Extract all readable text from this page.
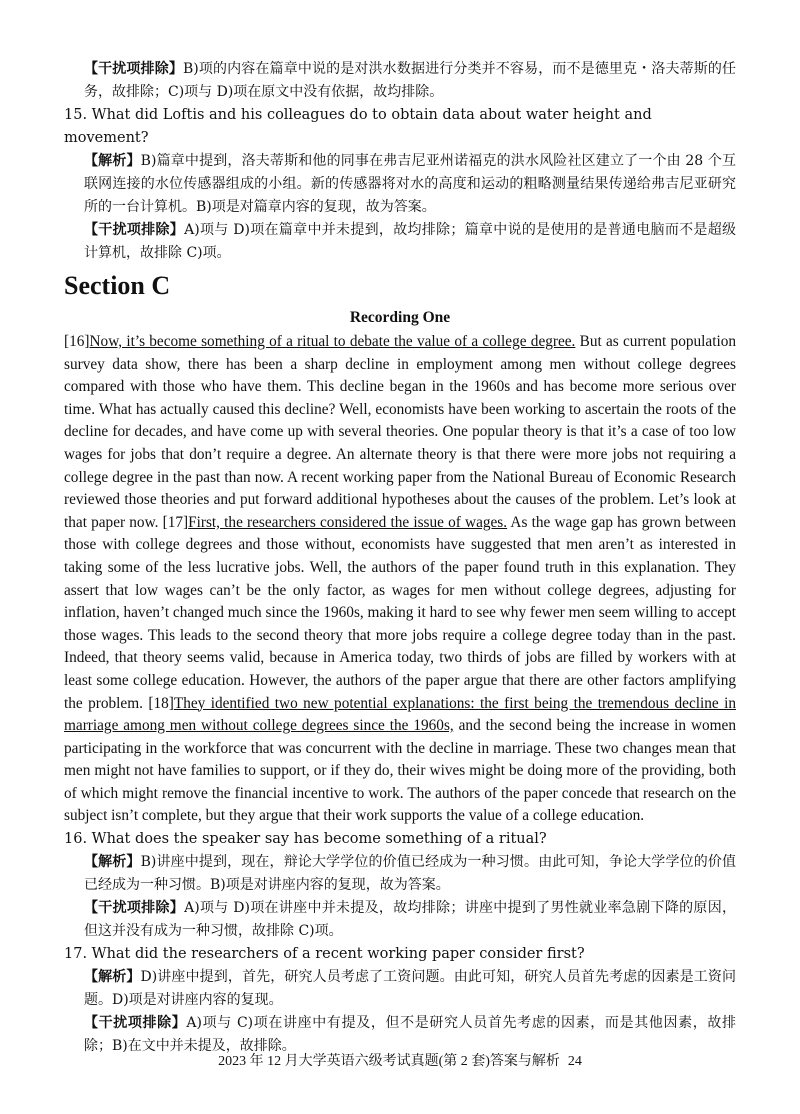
【干扰项排除】B)项的内容在篇章中说的是对洪水数据进行分类并不容易，而不是德里克・洛夫蒂斯的任务，故排除；C)项与 D)项在原文中没有依据，故均排除。
15. What did Loftis and his colleagues do to obtain data about water height and movement?
【解析】B)篇章中提到，洛夫蒂斯和他的同事在弗吉尼亚州诺福克的洪水风险社区建立了一个由 28 个互联网连接的水位传感器组成的小组。新的传感器将对水的高度和运动的粗略测量结果传递给弗吉尼亚研究所的一台计算机。B)项是对篇章内容的复现，故为答案。
【干扰项排除】A)项与 D)项在篇章中并未提到，故均排除；篇章中说的是使用的是普通电脑而不是超级计算机，故排除 C)项。
Section C
Recording One
[16]Now, it’s become something of a ritual to debate the value of a college degree. But as current population survey data show, there has been a sharp decline in employment among men without college degrees compared with those who have them. This decline began in the 1960s and has become more serious over time. What has actually caused this decline? Well, economists have been working to ascertain the roots of the decline for decades, and have come up with several theories. One popular theory is that it’s a case of too low wages for jobs that don’t require a degree. An alternate theory is that there were more jobs not requiring a college degree in the past than now. A recent working paper from the National Bureau of Economic Research reviewed those theories and put forward additional hypotheses about the causes of the problem. Let’s look at that paper now. [17]First, the researchers considered the issue of wages. As the wage gap has grown between those with college degrees and those without, economists have suggested that men aren’t as interested in taking some of the less lucrative jobs. Well, the authors of the paper found truth in this explanation. They assert that low wages can’t be the only factor, as wages for men without college degrees, adjusting for inflation, haven’t changed much since the 1960s, making it hard to see why fewer men seem willing to accept those wages. This leads to the second theory that more jobs require a college degree today than in the past. Indeed, that theory seems valid, because in America today, two thirds of jobs are filled by workers with at least some college education. However, the authors of the paper argue that there are other factors amplifying the problem. [18]They identified two new potential explanations: the first being the tremendous decline in marriage among men without college degrees since the 1960s, and the second being the increase in women participating in the workforce that was concurrent with the decline in marriage. These two changes mean that men might not have families to support, or if they do, their wives might be doing more of the providing, both of which might remove the financial incentive to work. The authors of the paper concede that research on the subject isn’t complete, but they argue that their work supports the value of a college education.
16. What does the speaker say has become something of a ritual?
【解析】B)讲座中提到，现在，辩论大学学位的价值已经成为一种习惯。由此可知，争论大学学位的价值已经成为一种习惯。B)项是对讲座内容的复现，故为答案。
【干扰项排除】A)项与 D)项在讲座中并未提及，故均排除；讲座中提到了男性就业率急剧下降的原因，但这并没有成为一种习惯，故排除 C)项。
17. What did the researchers of a recent working paper consider first?
【解析】D)讲座中提到，首先，研究人员考虑了工资问题。由此可知，研究人员首先考虑的因素是工资问题。D)项是对讲座内容的复现。
【干扰项排除】A)项与 C)项在讲座中有提及，但不是研究人员首先考虑的因素，而是其他因素，故排除；B)在文中并未提及，故排除。
2023 年 12 月大学英语六级考试真题(第 2 套)答案与解析 24
